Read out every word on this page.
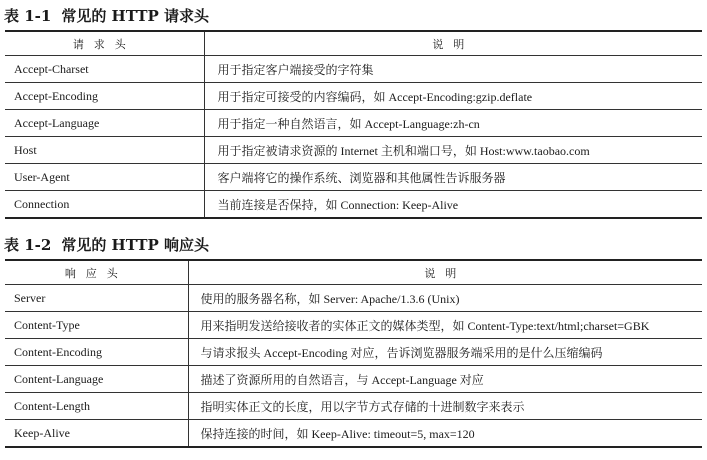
表 1-1 常见的 HTTP 请求头
请求头	说明
Accept-Charset	用于指定客户端接受的字符集
Accept-Encoding	用于指定可接受的内容编码，如 Accept-Encoding:gzip.deflate
Accept-Language	用于指定一种自然语言，如 Accept-Language:zh-cn
Host	用于指定被请求资源的 Internet 主机和端口号，如 Host:www.taobao.com
User-Agent	客户端将它的操作系统、浏览器和其他属性告诉服务器
Connection	当前连接是否保持，如 Connection: Keep-Alive
表 1-2 常见的 HTTP 响应头
响应头	说明
Server	使用的服务器名称，如 Server: Apache/1.3.6 (Unix)
Content-Type	用来指明发送给接收者的实体正文的媒体类型，如 Content-Type:text/html;charset=GBK
Content-Encoding	与请求报头 Accept-Encoding 对应，告诉浏览器服务端采用的是什么压缩编码
Content-Language	描述了资源所用的自然语言，与 Accept-Language 对应
Content-Length	指明实体正文的长度，用以字节方式存储的十进制数字来表示
Keep-Alive	保持连接的时间，如 Keep-Alive: timeout=5, max=120
